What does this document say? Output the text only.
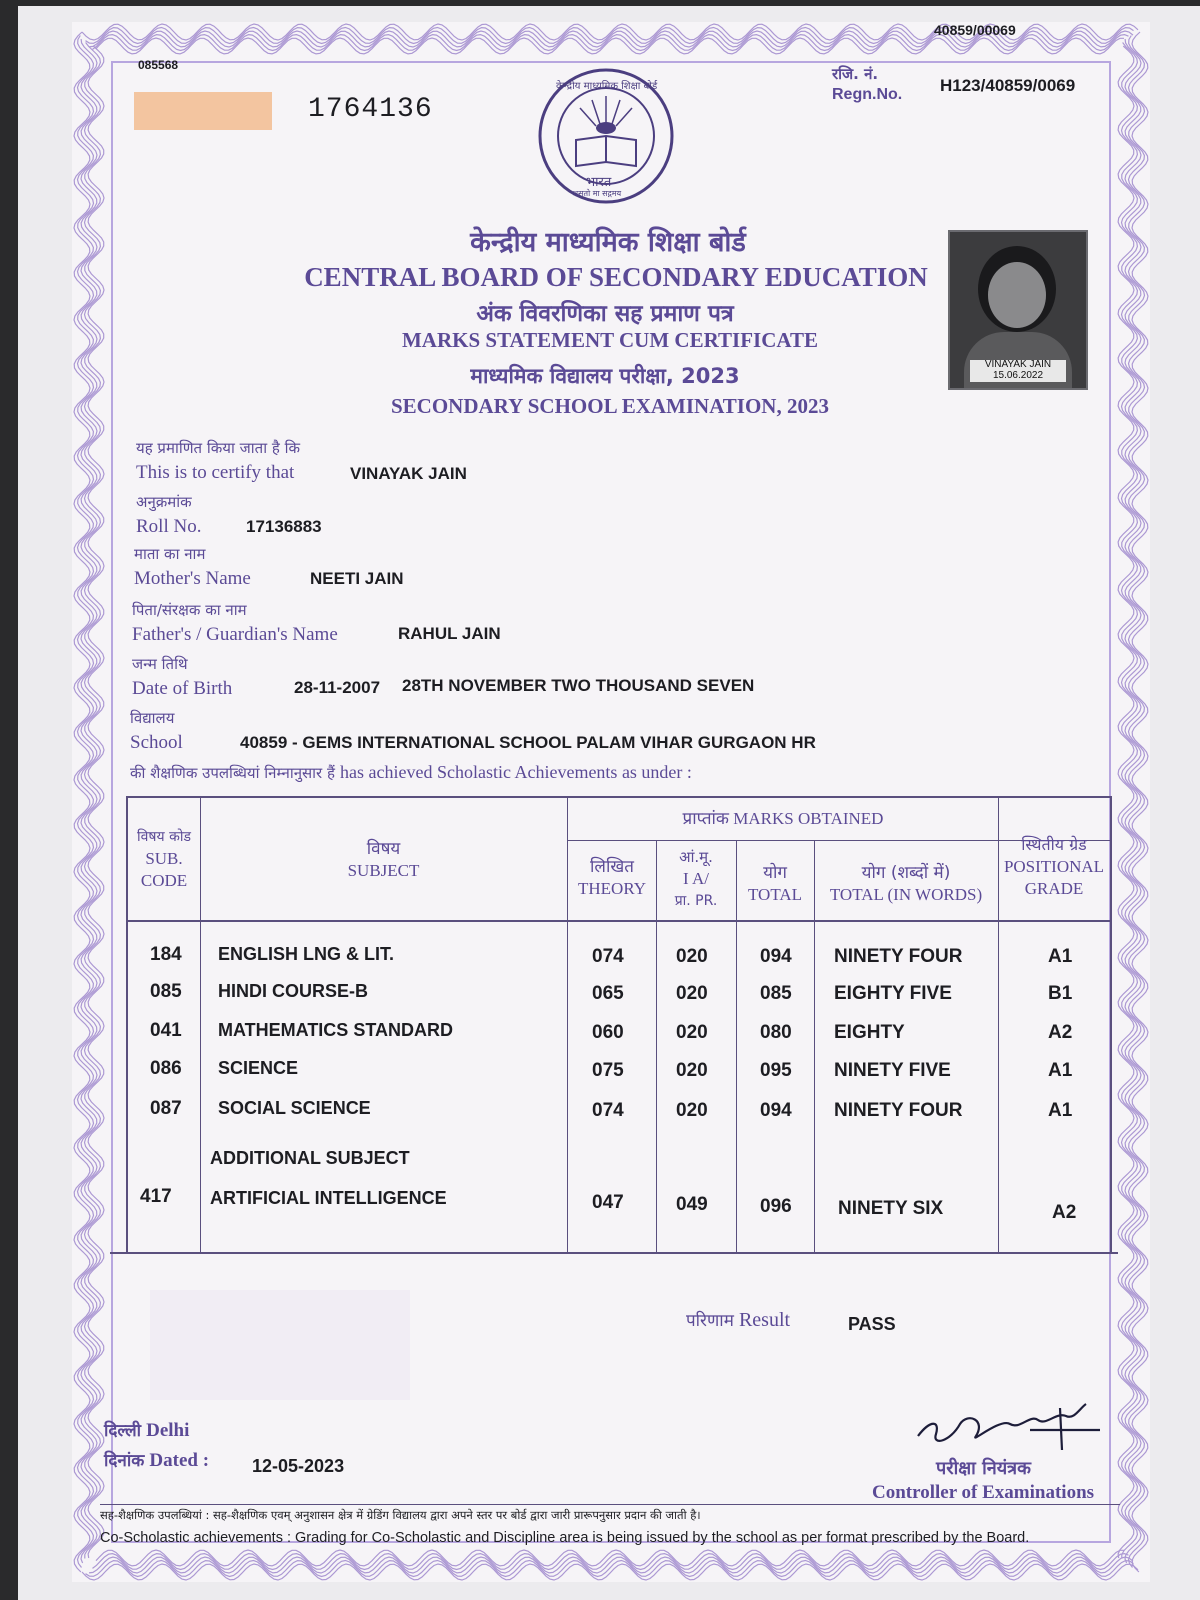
40859/00069
085568
1764136
रजि. नं.
Regn.No. H123/40859/0069
भारत
असतो मा सद्गमय
केन्द्रीय माध्यमिक शिक्षा बोर्ड
केन्द्रीय माध्यमिक शिक्षा बोर्ड
CENTRAL BOARD OF SECONDARY EDUCATION
अंक विवरणिका सह प्रमाण पत्र
MARKS STATEMENT CUM CERTIFICATE
माध्यमिक विद्यालय परीक्षा, 2023
SECONDARY SCHOOL EXAMINATION, 2023
VINAYAK JAIN
15.06.2022
यह प्रमाणित किया जाता है कि
This is to certify that	VINAYAK JAIN
अनुक्रमांक
Roll No.	17136883
माता का नाम
Mother's Name	NEETI JAIN
पिता/संरक्षक का नाम
Father's / Guardian's Name	RAHUL JAIN
जन्म तिथि
Date of Birth	28-11-2007 28TH NOVEMBER TWO THOUSAND SEVEN
विद्यालय
School	40859 - GEMS INTERNATIONAL SCHOOL PALAM VIHAR GURGAON HR
की शैक्षणिक उपलब्धियां निम्नानुसार हैं has achieved Scholastic Achievements as under :
विषय कोड
SUB.
CODE
विषय
SUBJECT
प्राप्तांक MARKS OBTAINED
लिखित
THEORY
आं.मू.
I A/
प्रा. PR.
योग
TOTAL
योग (शब्दों में)
TOTAL (IN WORDS)
स्थितीय ग्रेड
POSITIONAL
GRADE
184 ENGLISH LNG & LIT.	074	020	094 NINETY FOUR	A1
085 HINDI COURSE-B	065	020	085 EIGHTY FIVE	B1
041 MATHEMATICS STANDARD	060	020	080 EIGHTY	A2
086 SCIENCE	075	020	095 NINETY FIVE	A1
087 SOCIAL SCIENCE	074	020	094 NINETY FOUR	A1
ADDITIONAL SUBJECT
417 ARTIFICIAL INTELLIGENCE	047	049	096 NINETY SIX	A2
परिणाम Result	PASS
दिल्ली Delhi
दिनांक Dated : 12-05-2023	परीक्षा नियंत्रक
Controller of Examinations
सह-शैक्षणिक उपलब्धियां : सह-शैक्षणिक एवम् अनुशासन क्षेत्र में ग्रेडिंग विद्यालय द्वारा अपने स्तर पर बोर्ड द्वारा जारी प्रारूपनुसार प्रदान की जाती है।
Co-Scholastic achievements : Grading for Co-Scholastic and Discipline area is being issued by the school as per format prescribed by the Board.
